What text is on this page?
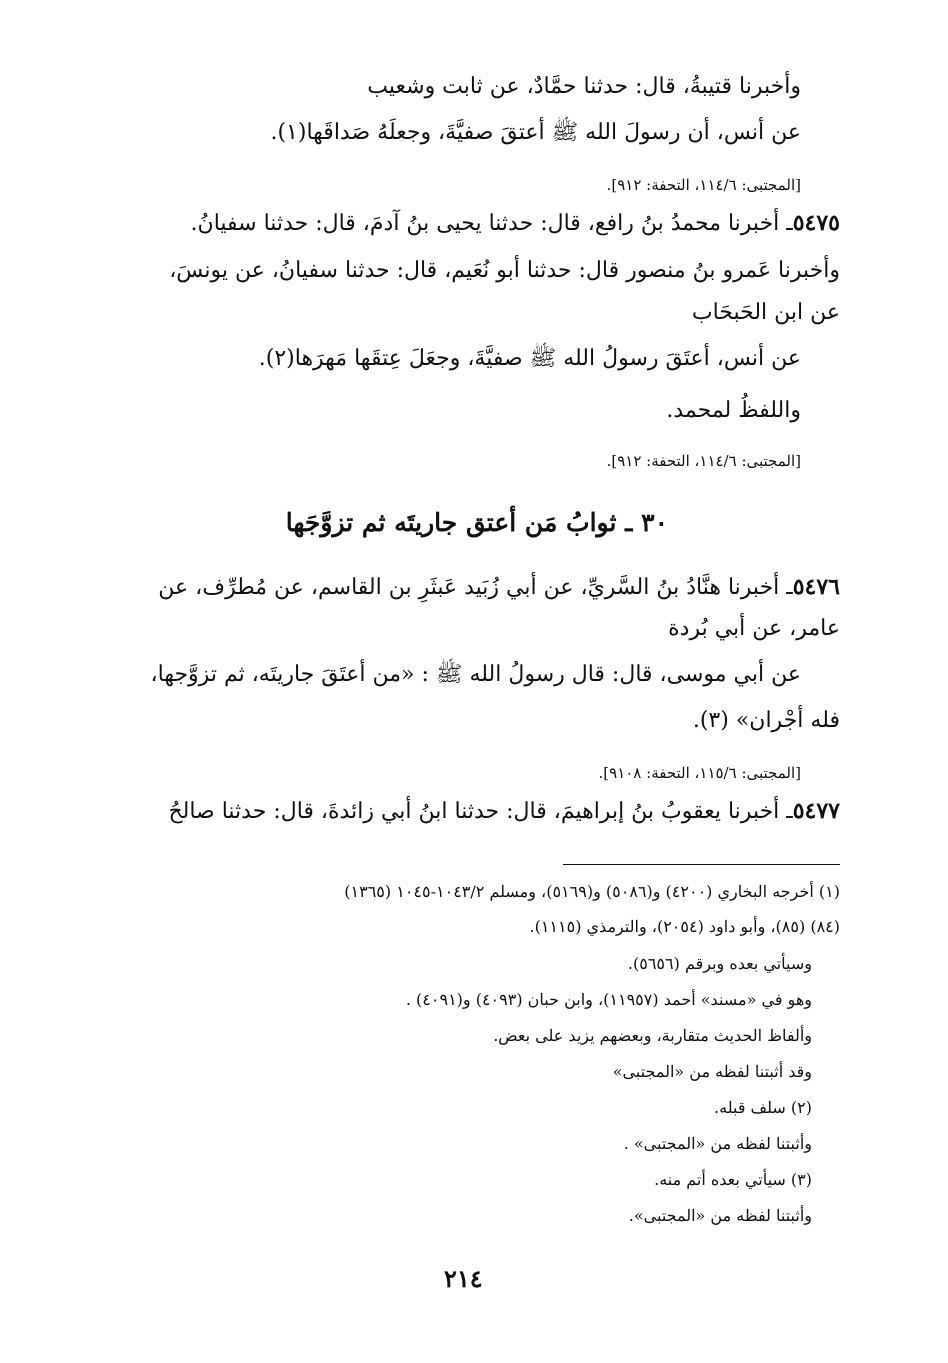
وأخبرنا قتيبةُ، قال: حدثنا حمَّادٌ، عن ثابت وشعيب
عن أنس، أن رسولَ الله ﷺ أعتقَ صفيَّةَ، وجعلَهُ صَداقَها(١).
[المجتبى: ١١٤/٦، التحفة: ٩١٢].
٥٤٧٥ـ أخبرنا محمدُ بنُ رافع، قال: حدثنا يحيى بنُ آدمَ، قال: حدثنا سفيانُ.
وأخبرنا عَمرو بنُ منصور قال: حدثنا أبو نُعَيم، قال: حدثنا سفيانُ، عن يونسَ،
عن ابن الحَبحَاب
عن أنس، أعتَقَ رسولُ الله ﷺ صفيَّةَ، وجعَلَ عِتقَها مَهرَها(٢).
واللفظُ لمحمد.
[المجتبى: ١١٤/٦، التحفة: ٩١٢].
٣٠ ـ ثوابُ مَن أعتق جاريتَه ثم تزوَّجَها
٥٤٧٦ـ أخبرنا هنَّادُ بنُ السَّريِّ، عن أبي زُبَيد عَبثَرِ بن القاسم، عن مُطرِّف، عن
عامر، عن أبي بُردة
عن أبي موسى، قال: قال رسولُ الله ﷺ : «من أعتَقَ جاريتَه، ثم تزوَّجها،
فله أجْران» (٣).
[المجتبى: ١١٥/٦، التحفة: ٩١٠٨].
٥٤٧٧ـ أخبرنا يعقوبُ بنُ إبراهيمَ، قال: حدثنا ابنُ أبي زائدةَ، قال: حدثنا صالحُ
(١) أخرجه البخاري (٤٢٠٠) و(٥٠٨٦) و(٥١٦٩)، ومسلم ١٠٤٣/٢-١٠٤٥ (١٣٦٥)
(٨٤) (٨٥)، وأبو داود (٢٠٥٤)، والترمذي (١١١٥).
وسيأتي بعده وبرقم (٥٦٥٦).
وهو في «مسند» أحمد (١١٩٥٧)، وابن حبان (٤٠٩٣) و(٤٠٩١) .
وألفاظ الحديث متقاربة، وبعضهم يزيد على بعض.
وقد أثبتنا لفظه من «المجتبى»
(٢) سلف قبله.
وأثبتنا لفظه من «المجتبى» .
(٣) سيأتي بعده أتم منه.
وأثبتنا لفظه من «المجتبى».
٢١٤
